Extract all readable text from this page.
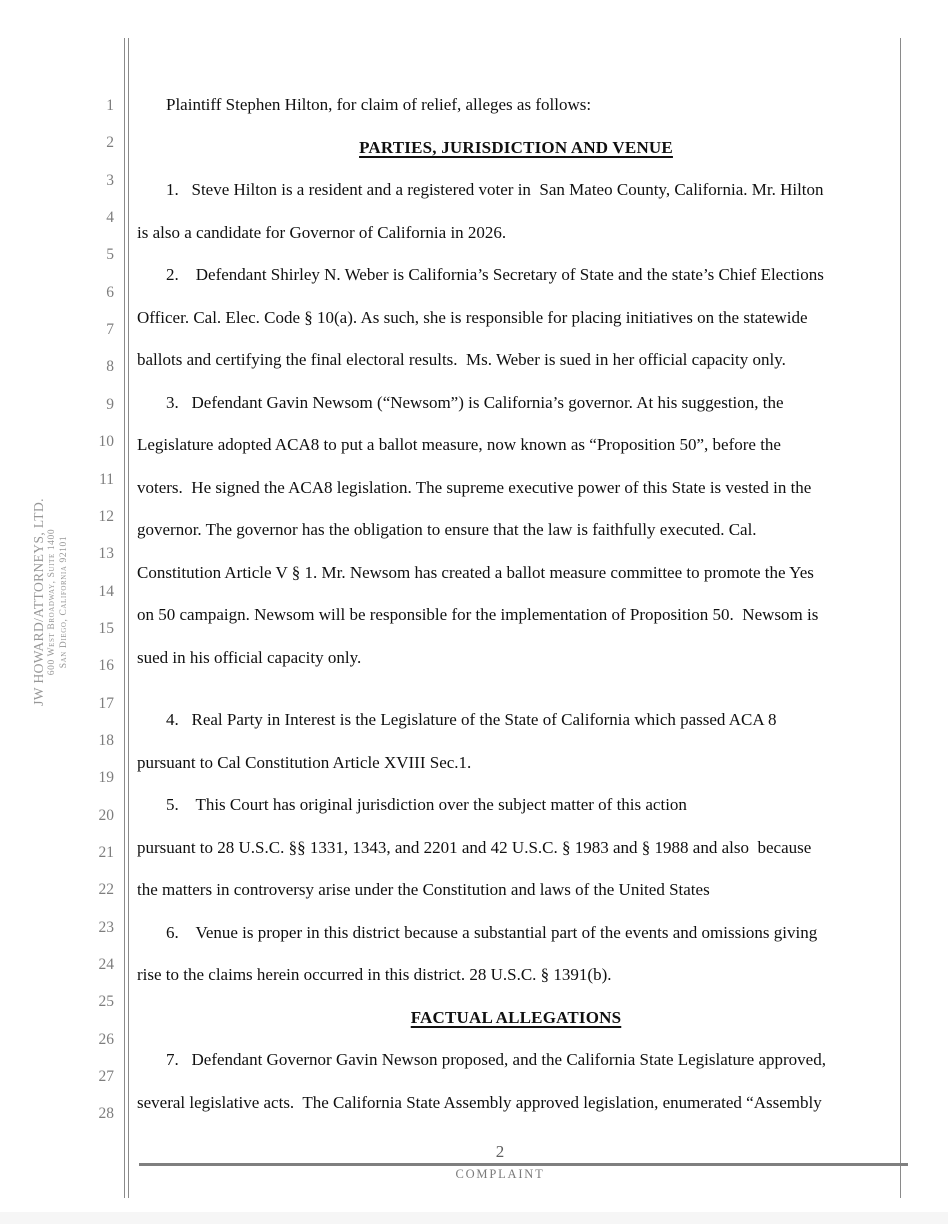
JW HOWARD/ATTORNEYS, LTD. 600 West Broadway, Suite 1400 San Diego, California 92101
1
2
3
4
5
6
7
8
9
10
11
12
13
14
15
16
17
18
19
20
21
22
23
24
25
26
27
28
Plaintiff Stephen Hilton, for claim of relief, alleges as follows:
PARTIES, JURISDICTION AND VENUE
1.   Steve Hilton is a resident and a registered voter in  San Mateo County, California. Mr. Hilton
is also a candidate for Governor of California in 2026.
2.    Defendant Shirley N. Weber is California’s Secretary of State and the state’s Chief Elections
Officer. Cal. Elec. Code § 10(a). As such, she is responsible for placing initiatives on the statewide
ballots and certifying the final electoral results.  Ms. Weber is sued in her official capacity only.
3.   Defendant Gavin Newsom (“Newsom”) is California’s governor. At his suggestion, the
Legislature adopted ACA8 to put a ballot measure, now known as “Proposition 50”, before the
voters.  He signed the ACA8 legislation. The supreme executive power of this State is vested in the
governor. The governor has the obligation to ensure that the law is faithfully executed. Cal.
Constitution Article V § 1. Mr. Newsom has created a ballot measure committee to promote the Yes
on 50 campaign. Newsom will be responsible for the implementation of Proposition 50.  Newsom is
sued in his official capacity only.
4.   Real Party in Interest is the Legislature of the State of California which passed ACA 8
pursuant to Cal Constitution Article XVIII Sec.1.
5.    This Court has original jurisdiction over the subject matter of this action
pursuant to 28 U.S.C. §§ 1331, 1343, and 2201 and 42 U.S.C. § 1983 and § 1988 and also  because
the matters in controversy arise under the Constitution and laws of the United States
6.    Venue is proper in this district because a substantial part of the events and omissions giving
rise to the claims herein occurred in this district. 28 U.S.C. § 1391(b).
FACTUAL ALLEGATIONS
7.   Defendant Governor Gavin Newson proposed, and the California State Legislature approved,
several legislative acts.  The California State Assembly approved legislation, enumerated “Assembly
2
COMPLAINT
